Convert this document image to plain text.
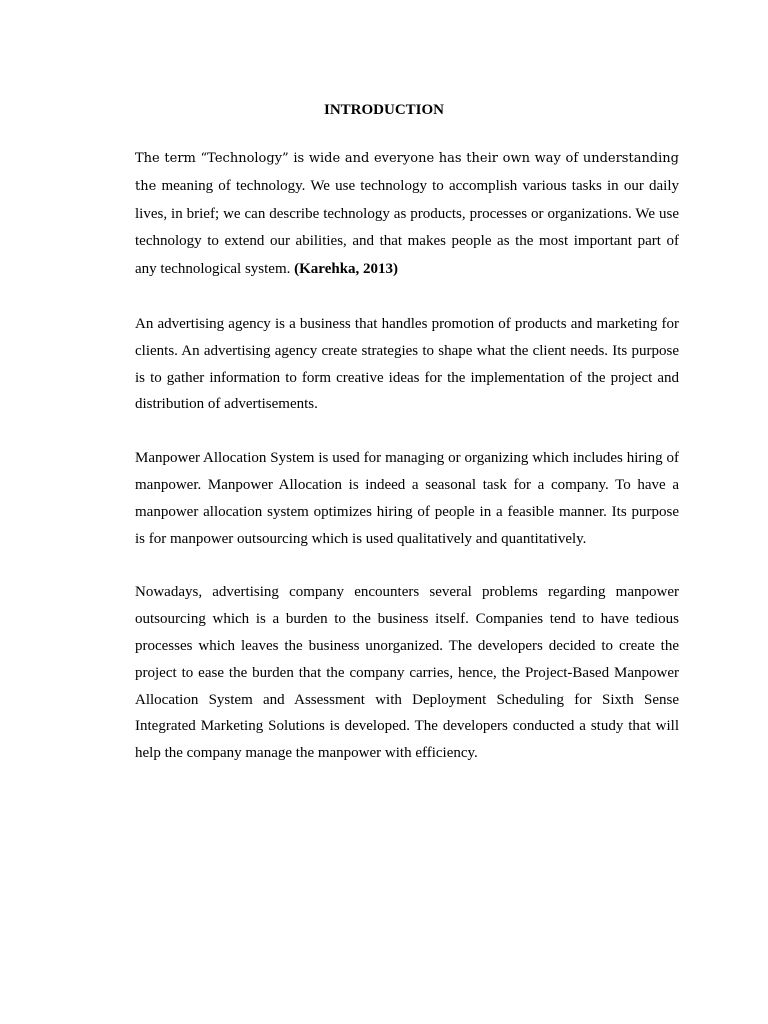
INTRODUCTION

The term “Technology” is wide and everyone has their own way of understanding the meaning of technology. We use technology to accomplish various tasks in our daily lives, in brief; we can describe technology as products, processes or organizations. We use technology to extend our abilities, and that makes people as the most important part of any technological system. (Karehka, 2013)

An advertising agency is a business that handles promotion of products and marketing for clients. An advertising agency create strategies to shape what the client needs. Its purpose is to gather information to form creative ideas for the implementation of the project and distribution of advertisements.

Manpower Allocation System is used for managing or organizing which includes hiring of manpower. Manpower Allocation is indeed a seasonal task for a company. To have a manpower allocation system optimizes hiring of people in a feasible manner. Its purpose is for manpower outsourcing which is used qualitatively and quantitatively.

Nowadays, advertising company encounters several problems regarding manpower outsourcing which is a burden to the business itself. Companies tend to have tedious processes which leaves the business unorganized. The developers decided to create the project to ease the burden that the company carries, hence, the Project-Based Manpower Allocation System and Assessment with Deployment Scheduling for Sixth Sense Integrated Marketing Solutions is developed. The developers conducted a study that will help the company manage the manpower with efficiency.
